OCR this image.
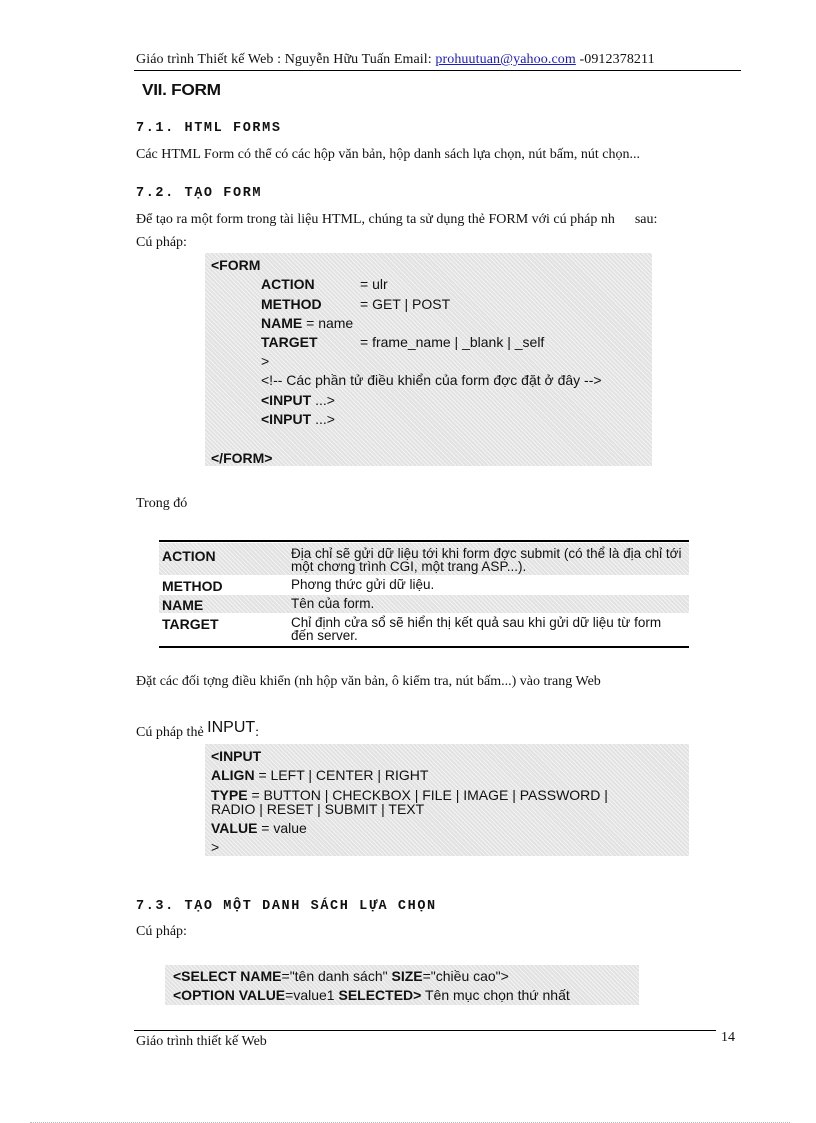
Giáo trình Thiết kế Web : Nguyễn Hữu Tuấn Email: prohuutuan@yahoo.com -0912378211
VII. FORM
7.1. HTML FORMS
Các HTML Form có thể có các hộp văn bản, hộp danh sách lựa chọn, nút bấm, nút chọn...
7.2. TẠO FORM
Để tạo ra một form trong tài liệu HTML, chúng ta sử dụng thẻ FORM với cú pháp nh sau:
Cú pháp:
<FORM
ACTION	= ulr
METHOD	= GET | POST
NAME = name
TARGET	= frame_name | _blank | _self
>
<!-- Các phần tử điều khiển của form đợc đặt ở đây -->
<INPUT ...>
<INPUT ...>
</FORM>
Trong đó
ACTION	Địa chỉ sẽ gửi dữ liệu tới khi form đợc submit (có thể là địa chỉ tới một chơng trình CGI, một trang ASP...).
METHOD	Phơng thức gửi dữ liệu.
NAME	Tên của form.
TARGET	Chỉ định cửa sổ sẽ hiển thị kết quả sau khi gửi dữ liệu từ form đến server.
Đặt các đối tợng điều khiển (nh hộp văn bản, ô kiểm tra, nút bấm...) vào trang Web
Cú pháp thẻ INPUT:
<INPUT
ALIGN = LEFT | CENTER | RIGHT
TYPE = BUTTON | CHECKBOX | FILE | IMAGE | PASSWORD |
RADIO | RESET | SUBMIT | TEXT
VALUE = value
>
7.3. TẠO MỘT DANH SÁCH LỰA CHỌN
Cú pháp:
<SELECT NAME="tên danh sách" SIZE="chiều cao">
<OPTION VALUE=value1 SELECTED> Tên mục chọn thứ nhất
Giáo trình thiết kế Web	14
